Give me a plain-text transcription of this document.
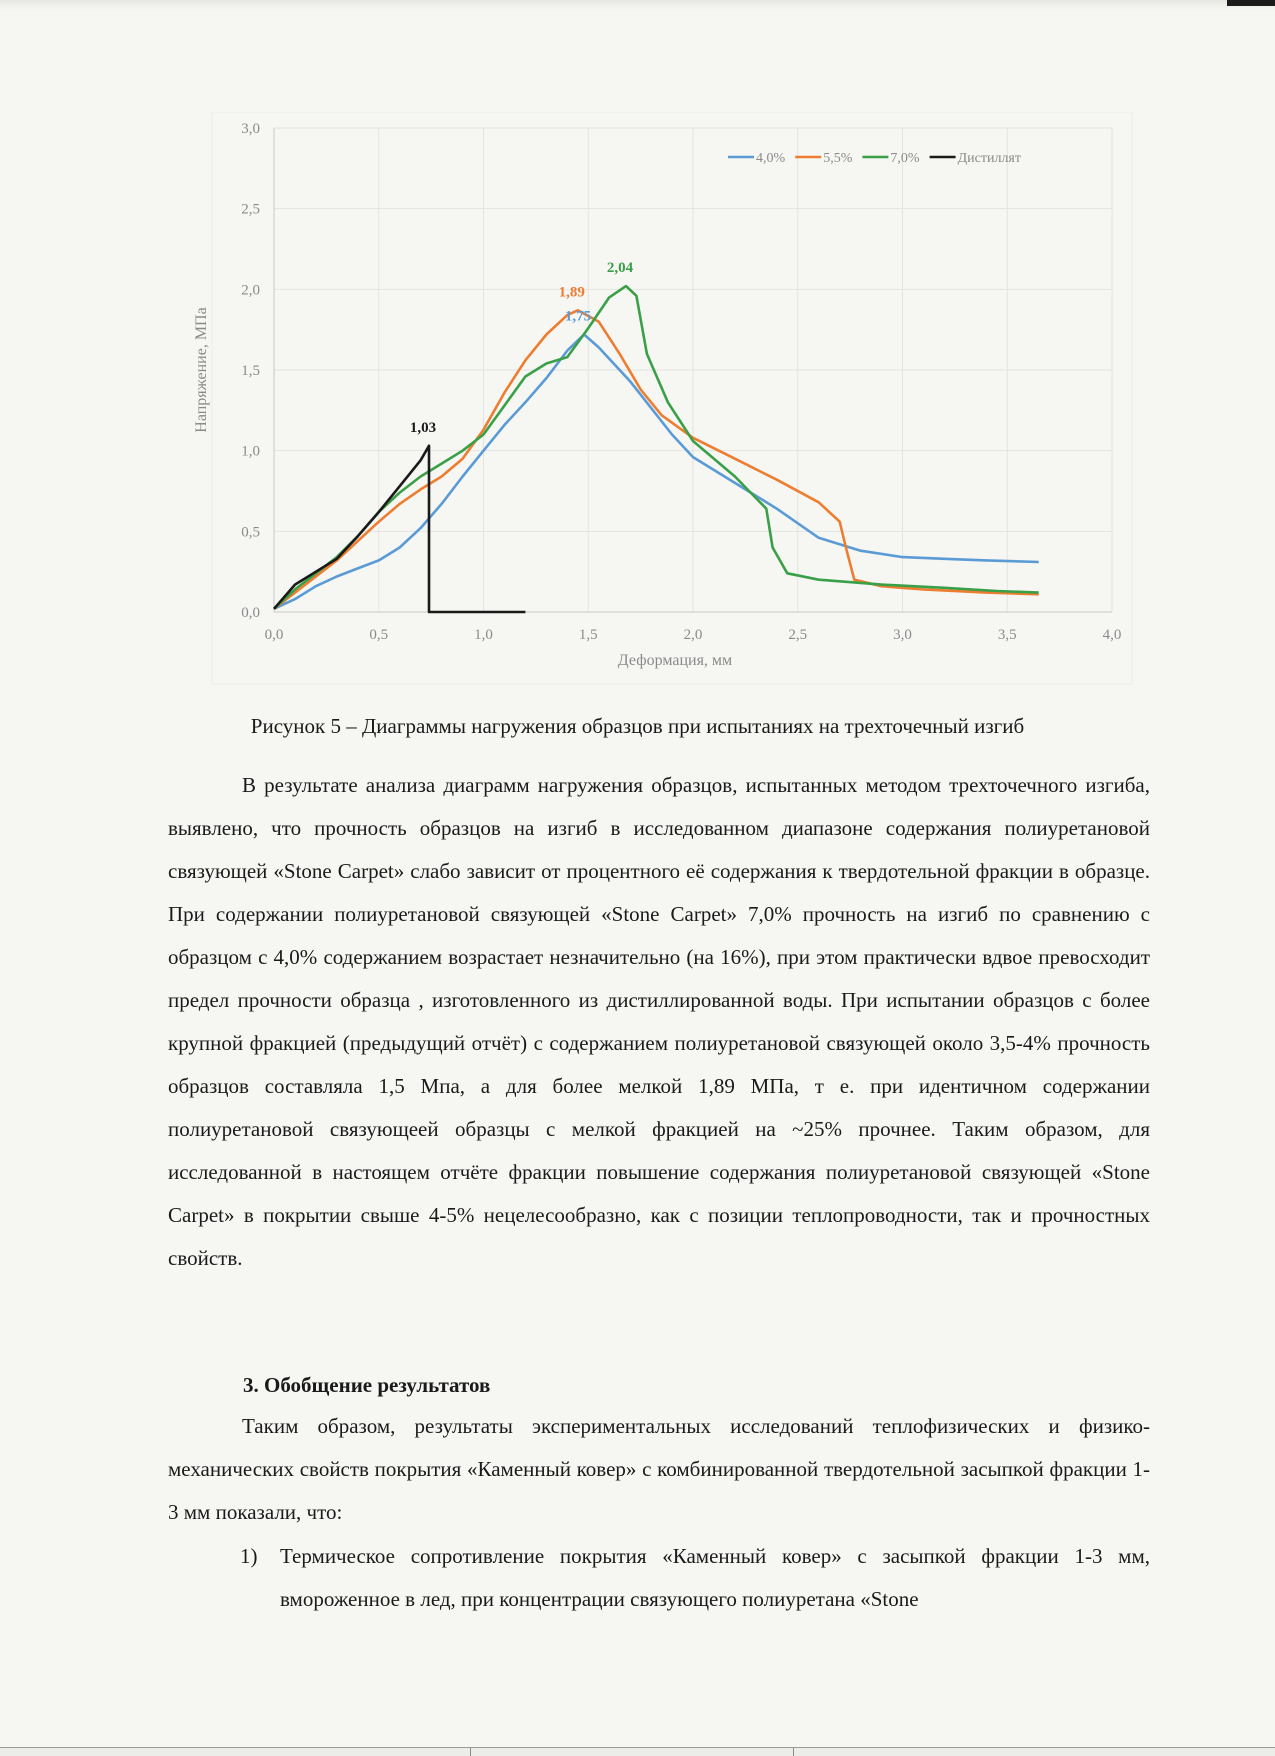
0,0
0,5
1,0
1,5
2,0
2,5
3,0
0,0	0,5	1,0	1,5	2,0	2,5	3,0	3,5	4,0
Деформация, мм
Напряжение, МПа	1,75
1,89
2,04
1,03
4,0%	5,5%	7,0%	Дистиллят
Рисунок 5 – Диаграммы нагружения образцов при испытаниях на трехточечный изгиб
В результате анализа диаграмм нагружения образцов, испытанных методом трехточечного изгиба, выявлено, что прочность образцов на изгиб в исследованном диапазоне содержания полиуретановой связующей «Stone Carpet» слабо зависит от процентного её содержания к твердотельной фракции в образце. При содержании полиуретановой связующей «Stone Carpet» 7,0% прочность на изгиб по сравнению с образцом с 4,0% содержанием возрастает незначительно (на 16%), при этом практически вдвое превосходит предел прочности образца , изготовленного из дистиллированной воды. При испытании образцов с более крупной фракцией (предыдущий отчёт) с содержанием полиуретановой связующей около 3,5-4% прочность образцов составляла 1,5 Мпа, а для более мелкой 1,89 МПа, т е. при идентичном содержании полиуретановой связующеей образцы с мелкой фракцией на ~25% прочнее. Таким образом, для исследованной в настоящем отчёте фракции повышение содержания полиуретановой связующей «Stone Carpet» в покрытии свыше 4-5% нецелесообразно, как с позиции теплопроводности, так и прочностных свойств.
3. Обобщение результатов
Таким образом, результаты экспериментальных исследований теплофизических и физико-механических свойств покрытия «Каменный ковер» с комбинированной твердотельной засыпкой фракции 1-3 мм показали, что:
1) Термическое сопротивление покрытия «Каменный ковер» с засыпкой фракции 1-3 мм, вмороженное в лед, при концентрации связующего полиуретана «Stone
